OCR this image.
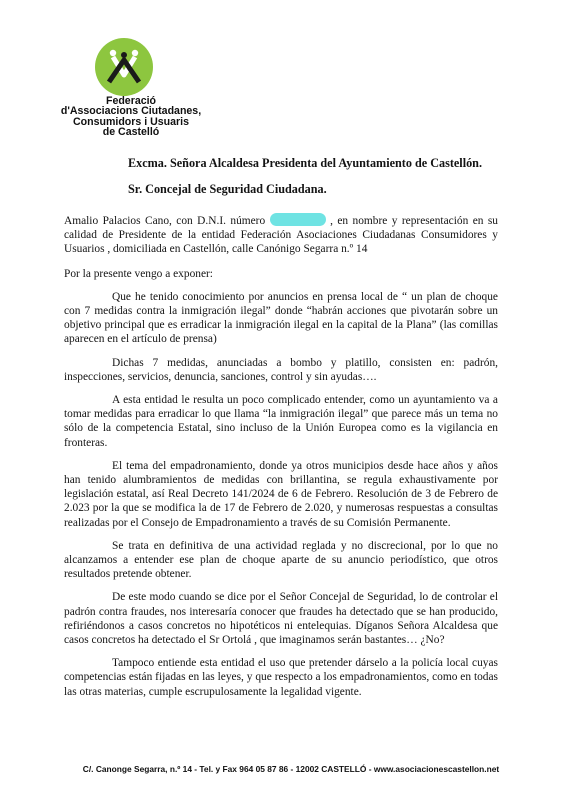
Federació
d'Associacions Ciutadanes,
Consumidors i Usuaris
de Castelló
Excma. Señora Alcaldesa Presidenta del Ayuntamiento de Castellón.
Sr. Concejal de Seguridad Ciudadana.

Amalio Palacios Cano, con D.N.I. número	, en nombre y representación en su calidad de Presidente de la entidad Federación Asociaciones Ciudadanas Consumidores y Usuarios , domiciliada en Castellón, calle Canónigo Segarra n.º 14

Por la presente vengo a exponer:

Que he tenido conocimiento por anuncios en prensa local de “ un plan de choque con 7 medidas contra la inmigración ilegal” donde “habrán acciones que pivotarán sobre un objetivo principal que es erradicar la inmigración ilegal en la capital de la Plana” (las comillas aparecen en el artículo de prensa)

Dichas 7 medidas, anunciadas a bombo y platillo, consisten en: padrón, inspecciones, servicios, denuncia, sanciones, control y sin ayudas….

A esta entidad le resulta un poco complicado entender, como un ayuntamiento va a tomar medidas para erradicar lo que llama “la inmigración ilegal” que parece más un tema no sólo de la competencia Estatal, sino incluso de la Unión Europea como es la vigilancia en fronteras.

El tema del empadronamiento, donde ya otros municipios desde hace años y años han tenido alumbramientos de medidas con brillantina, se regula exhaustivamente por legislación estatal, así Real Decreto 141/2024 de 6 de Febrero. Resolución de 3 de Febrero de 2.023 por la que se modifica la de 17 de Febrero de 2.020, y numerosas respuestas a consultas realizadas por el Consejo de Empadronamiento a través de su Comisión Permanente.

Se trata en definitiva de una actividad reglada y no discrecional, por lo que no alcanzamos a entender ese plan de choque aparte de su anuncio periodístico, que otros resultados pretende obtener.

De este modo cuando se dice por el Señor Concejal de Seguridad, lo de controlar el padrón contra fraudes, nos interesaría conocer que fraudes ha detectado que se han producido, refiriéndonos a casos concretos no hipotéticos ni entelequias. Díganos Señora Alcaldesa que casos concretos ha detectado el Sr Ortolá , que imaginamos serán bastantes… ¿No?

Tampoco entiende esta entidad el uso que pretender dárselo a la policía local cuyas competencias están fijadas en las leyes, y que respecto a los empadronamientos, como en todas las otras materias, cumple escrupulosamente la legalidad vigente.

C/. Canonge Segarra, n.º 14 - Tel. y Fax 964 05 87 86 - 12002 CASTELLÓ - www.asociacionescastellon.net
